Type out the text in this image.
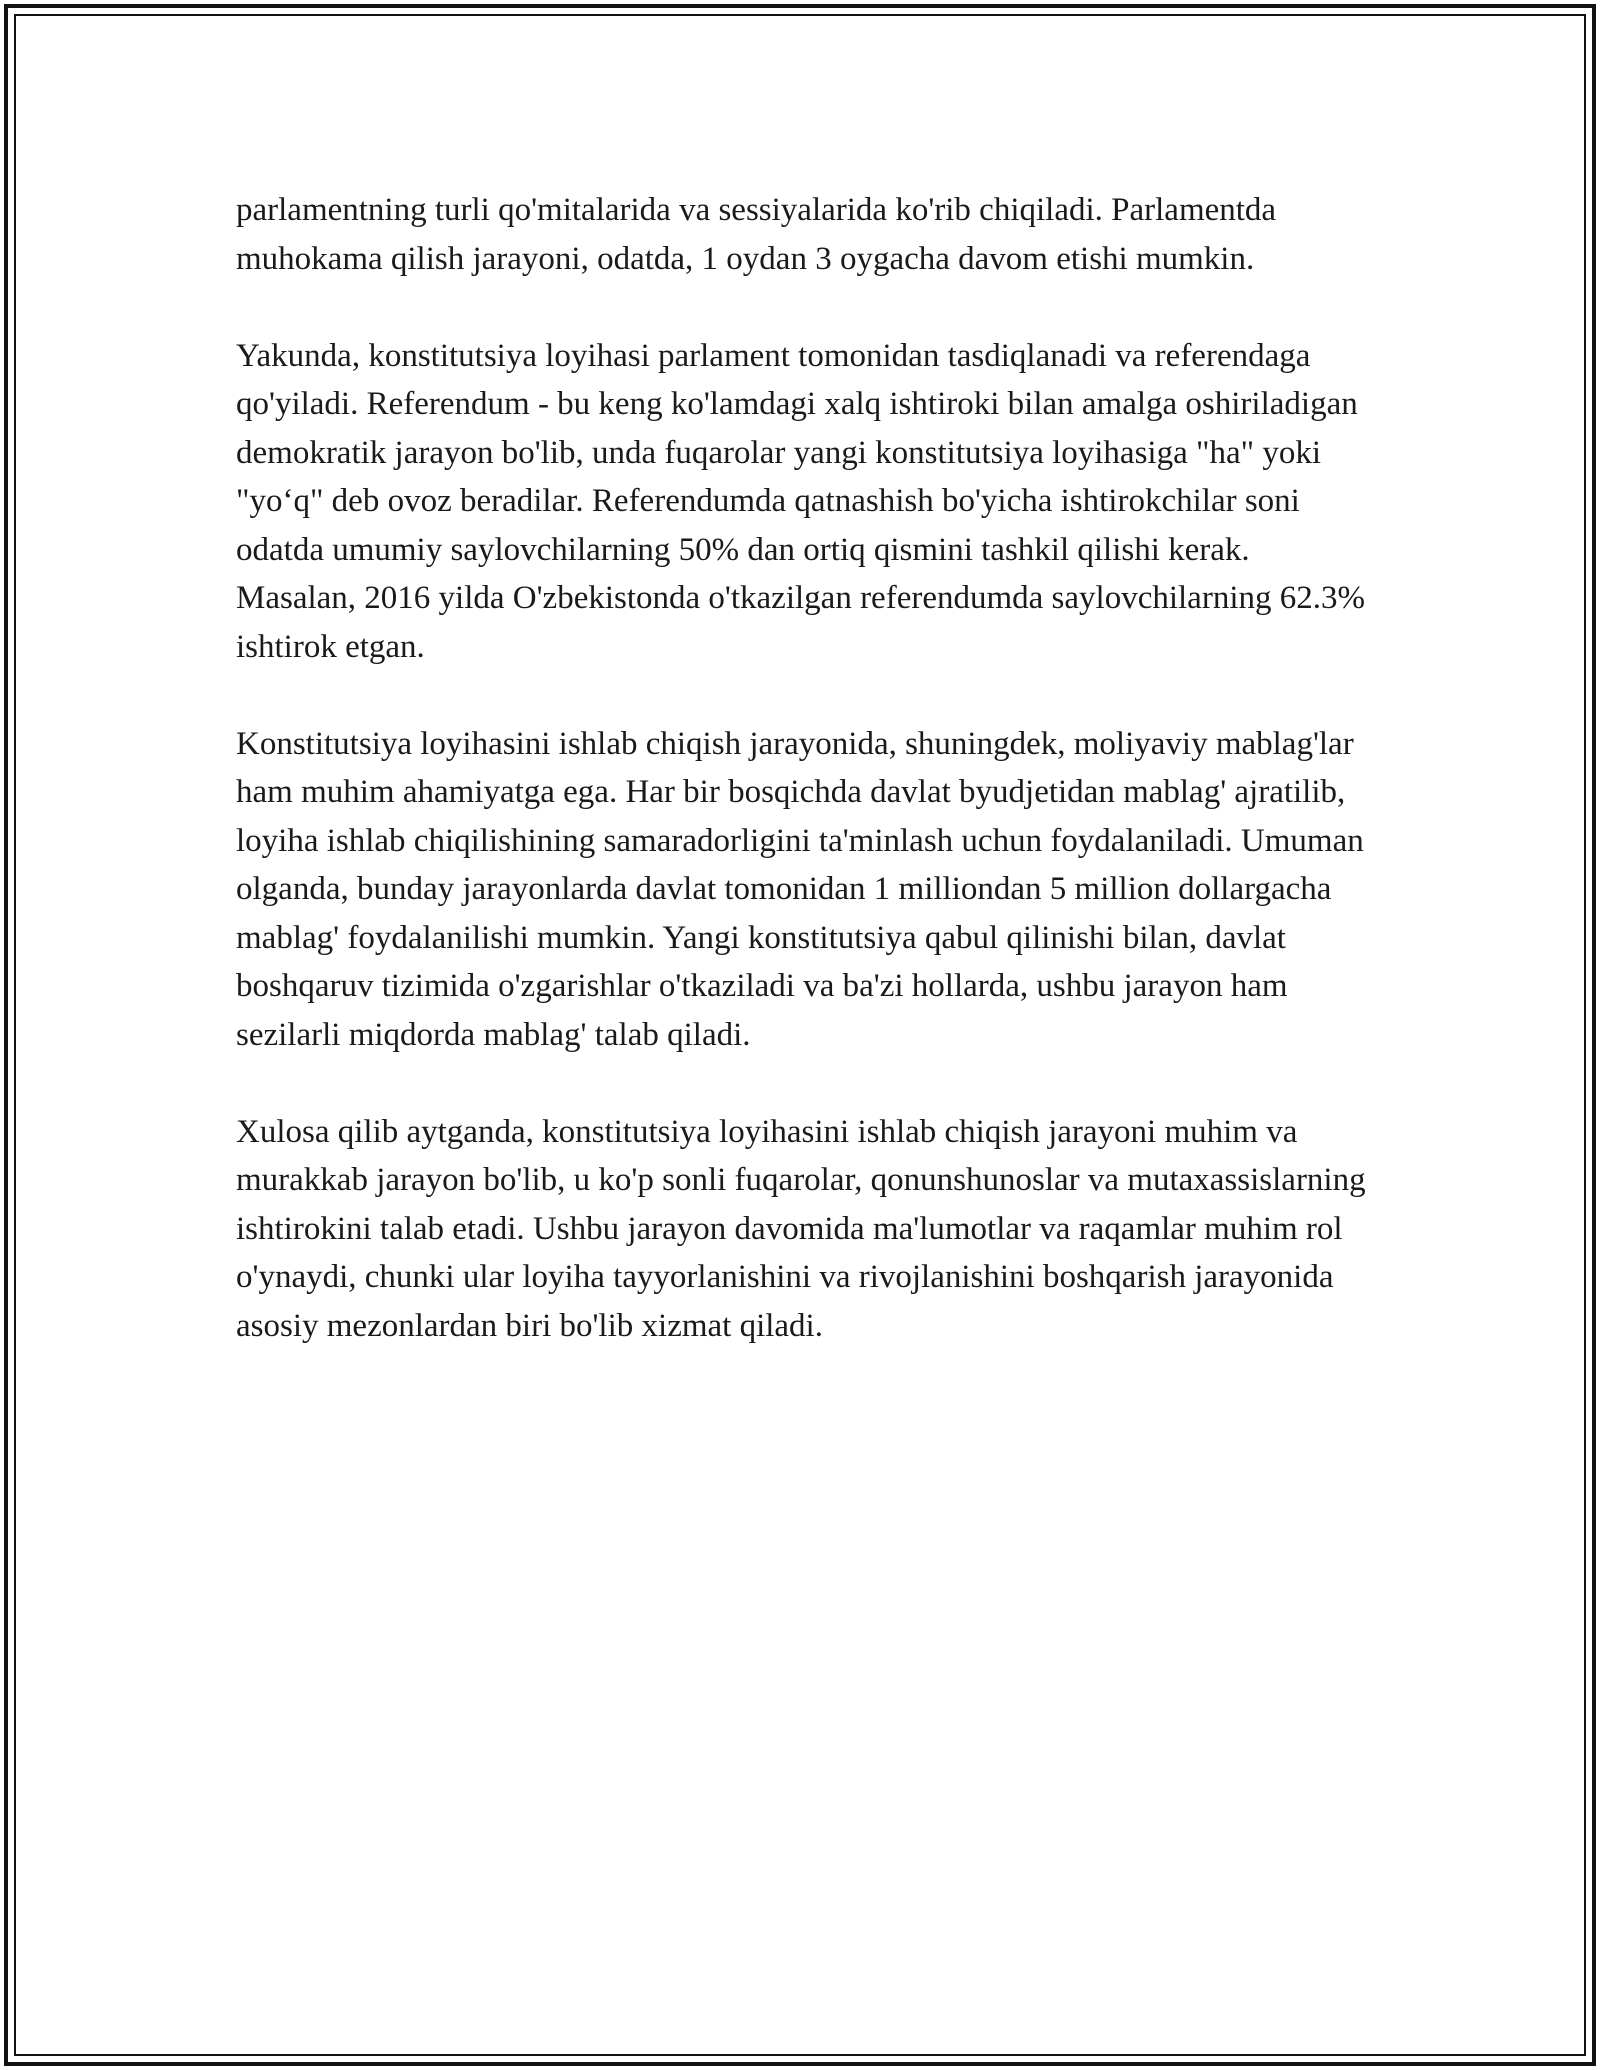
parlamentning turli qo'mitalarida va sessiyalarida ko'rib chiqiladi. Parlamentda muhokama qilish jarayoni, odatda, 1 oydan 3 oygacha davom etishi mumkin.

Yakunda, konstitutsiya loyihasi parlament tomonidan tasdiqlanadi va referendaga qo'yiladi. Referendum - bu keng ko'lamdagi xalq ishtiroki bilan amalga oshiriladigan demokratik jarayon bo'lib, unda fuqarolar yangi konstitutsiya loyihasiga "ha" yoki "yo‘q" deb ovoz beradilar. Referendumda qatnashish bo'yicha ishtirokchilar soni odatda umumiy saylovchilarning 50% dan ortiq qismini tashkil qilishi kerak. Masalan, 2016 yilda O'zbekistonda o'tkazilgan referendumda saylovchilarning 62.3% ishtirok etgan.

Konstitutsiya loyihasini ishlab chiqish jarayonida, shuningdek, moliyaviy mablag'lar ham muhim ahamiyatga ega. Har bir bosqichda davlat byudjetidan mablag' ajratilib, loyiha ishlab chiqilishining samaradorligini ta'minlash uchun foydalaniladi. Umuman olganda, bunday jarayonlarda davlat tomonidan 1 milliondan 5 million dollargacha mablag' foydalanilishi mumkin. Yangi konstitutsiya qabul qilinishi bilan, davlat boshqaruv tizimida o'zgarishlar o'tkaziladi va ba'zi hollarda, ushbu jarayon ham sezilarli miqdorda mablag' talab qiladi.

Xulosa qilib aytganda, konstitutsiya loyihasini ishlab chiqish jarayoni muhim va murakkab jarayon bo'lib, u ko'p sonli fuqarolar, qonunshunoslar va mutaxassislarning ishtirokini talab etadi. Ushbu jarayon davomida ma'lumotlar va raqamlar muhim rol o'ynaydi, chunki ular loyiha tayyorlanishini va rivojlanishini boshqarish jarayonida asosiy mezonlardan biri bo'lib xizmat qiladi.
